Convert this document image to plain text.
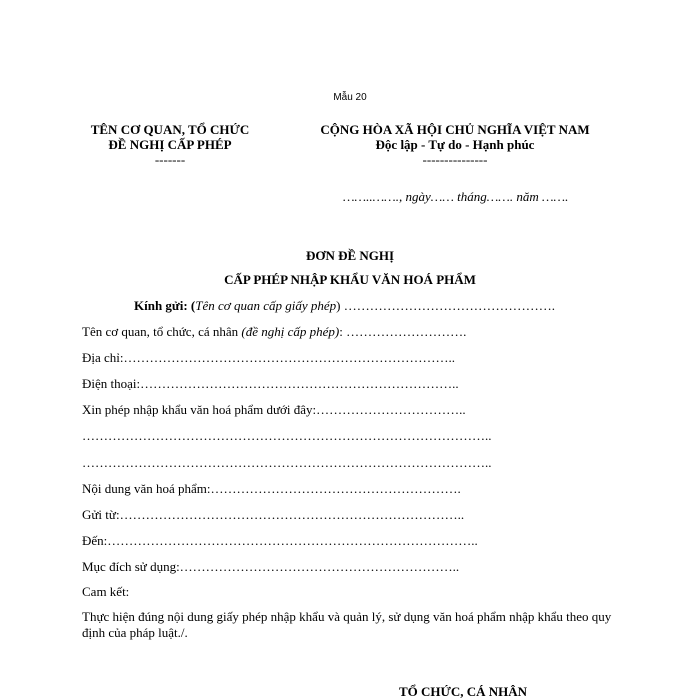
Mẫu 20
TÊN CƠ QUAN, TỔ CHỨC
ĐỀ NGHỊ CẤP PHÉP
-------
CỘNG HÒA XÃ HỘI CHỦ NGHĨA VIỆT NAM
Độc lập - Tự do - Hạnh phúc
---------------
……..……., ngày…… tháng……. năm …….
ĐƠN ĐỀ NGHỊ
CẤP PHÉP NHẬP KHẨU VĂN HOÁ PHẨM
Kính gửi: (Tên cơ quan cấp giấy phép) ………………………………………….
Tên cơ quan, tổ chức, cá nhân (đề nghị cấp phép): ……………………….
Địa chỉ:…………………………………………………………………..
Điện thoại:………………………………………………………………..
Xin phép nhập khẩu văn hoá phẩm dưới đây:……………………………..
…………………………………………………………………………………..
…………………………………………………………………………………..
Nội dung văn hoá phẩm:………………………………………………….
Gửi từ:……………………………………………………………………..
Đến:…………………………………………………………………………..
Mục đích sử dụng:………………………………………………………..
Cam kết:
Thực hiện đúng nội dung giấy phép nhập khẩu và quản lý, sử dụng văn hoá phẩm nhập khẩu theo quy định của pháp luật./.
TỔ CHỨC, CÁ NHÂN
